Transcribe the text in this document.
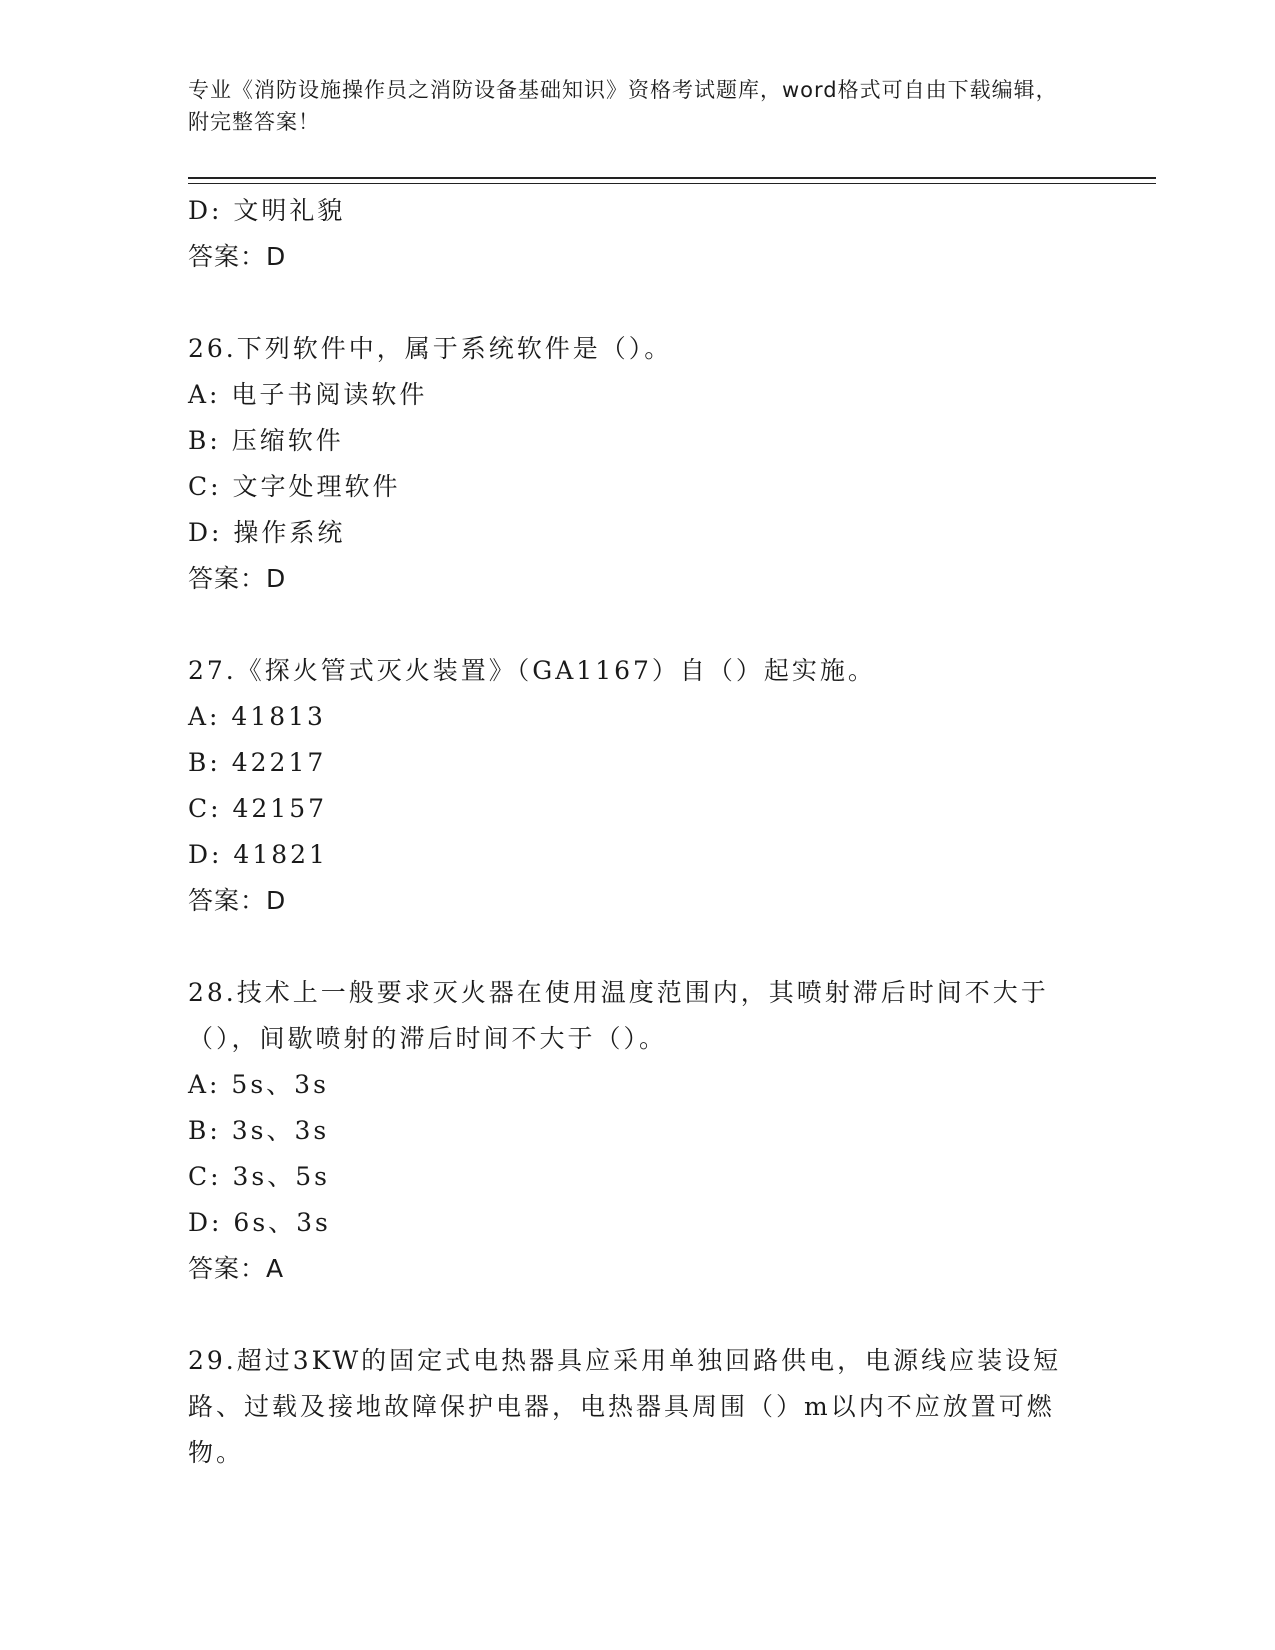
专业《消防设施操作员之消防设备基础知识》资格考试题库，word格式可自由下载编辑，附完整答案！
D: 文明礼貌
答案：D
26.下列软件中，属于系统软件是（）。
A: 电子书阅读软件
B: 压缩软件
C: 文字处理软件
D: 操作系统
答案：D
27.《探火管式灭火装置》（GA1167）自（）起实施。
A: 41813
B: 42217
C: 42157
D: 41821
答案：D
28.技术上一般要求灭火器在使用温度范围内，其喷射滞后时间不大于（），间歇喷射的滞后时间不大于（）。
A: 5s、3s
B: 3s、3s
C: 3s、5s
D: 6s、3s
答案：A
29.超过3KW的固定式电热器具应采用单独回路供电，电源线应装设短路、过载及接地故障保护电器，电热器具周围（）m以内不应放置可燃物。
